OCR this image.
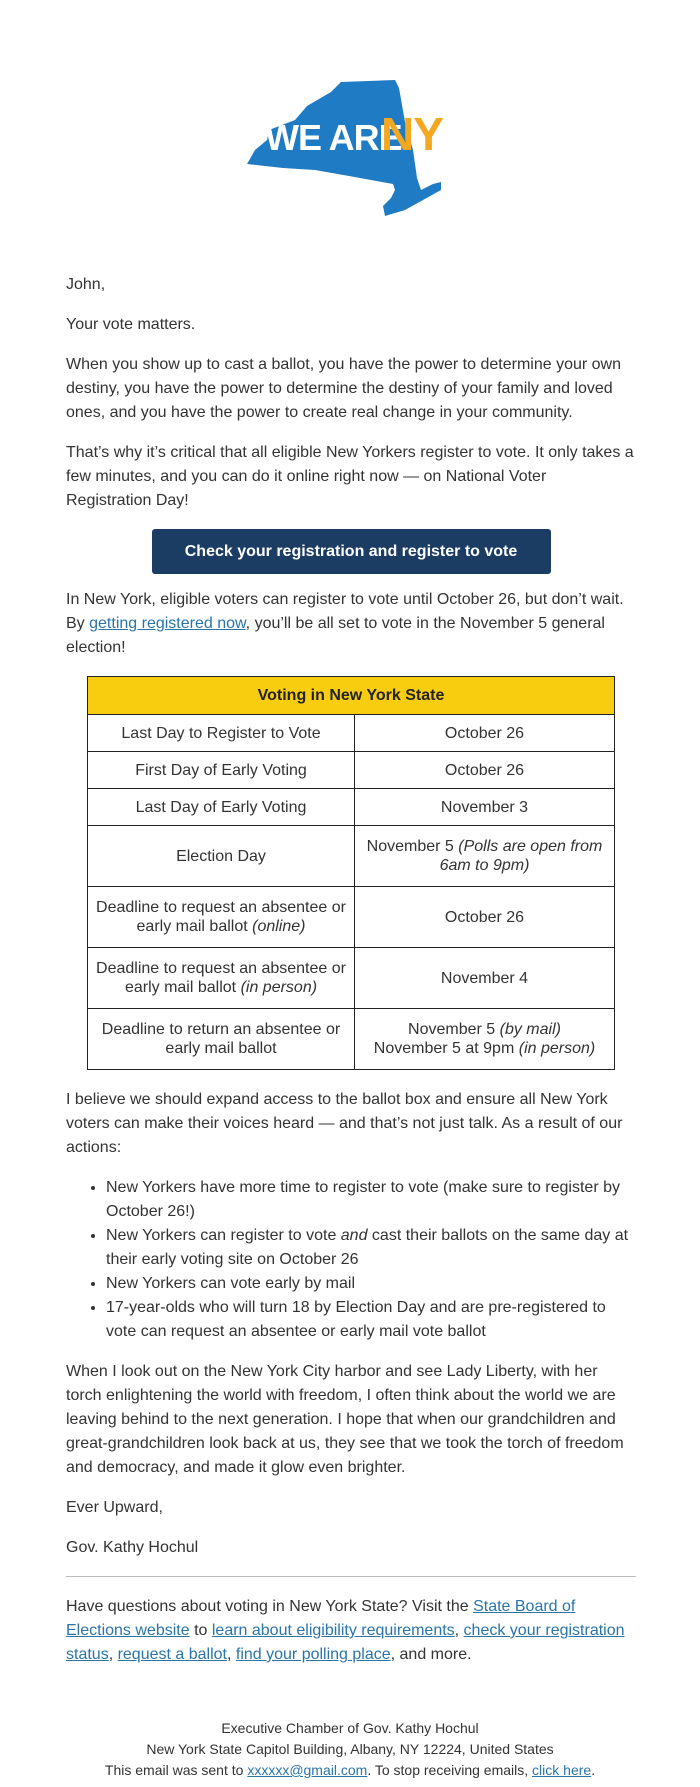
WE ARE
NY

John,

Your vote matters.

When you show up to cast a ballot, you have the power to determine your own destiny, you have the power to determine the destiny of your family and loved ones, and you have the power to create real change in your community.

That’s why it’s critical that all eligible New Yorkers register to vote. It only takes a few minutes, and you can do it online right now — on National Voter Registration Day!

Check your registration and register to vote

In New York, eligible voters can register to vote until October 26, but don’t wait. By getting registered now, you’ll be all set to vote in the November 5 general election!

Voting in New York State	
Last Day to Register to Vote	October 26
First Day of Early Voting	October 26
Last Day of Early Voting	November 3
Election Day	November 5 (Polls are open from 6am to 9pm)
Deadline to request an absentee or early mail ballot (online)	October 26
Deadline to request an absentee or early mail ballot (in person)	November 4
Deadline to return an absentee or early mail ballot	November 5 (by mail)
November 5 at 9pm (in person)

I believe we should expand access to the ballot box and ensure all New York voters can make their voices heard — and that’s not just talk. As a result of our actions:

• New Yorkers have more time to register to vote (make sure to register by October 26!)
• New Yorkers can register to vote and cast their ballots on the same day at their early voting site on October 26
• New Yorkers can vote early by mail
• 17-year-olds who will turn 18 by Election Day and are pre-registered to vote can request an absentee or early mail vote ballot

When I look out on the New York City harbor and see Lady Liberty, with her torch enlightening the world with freedom, I often think about the world we are leaving behind to the next generation. I hope that when our grandchildren and great-grandchildren look back at us, they see that we took the torch of freedom and democracy, and made it glow even brighter.

Ever Upward,

Gov. Kathy Hochul

Have questions about voting in New York State? Visit the State Board of Elections website to learn about eligibility requirements, check your registration status, request a ballot, find your polling place, and more.

Executive Chamber of Gov. Kathy Hochul
New York State Capitol Building, Albany, NY 12224, United States
This email was sent to xxxxxx@gmail.com. To stop receiving emails, click here.
